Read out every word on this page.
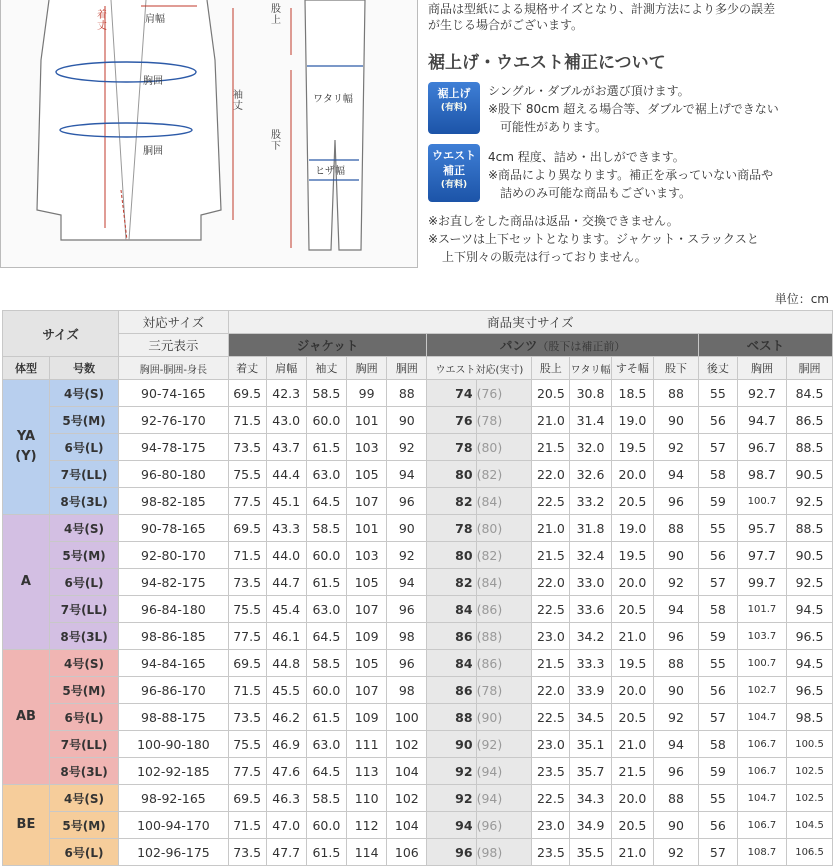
着丈
肩幅
袖丈
胸囲
胴囲
股上
ワタリ幅
股下
ヒザ幅
商品は型紙による規格サイズとなり、計測方法により多少の誤差
が生じる場合がございます。
裾上げ・ウエスト補正について
裾上げ
(有料)
シングル・ダブルがお選び頂けます。
※股下 80cm 超える場合等、ダブルで裾上げできない
可能性があります。
ウエスト補正
(有料)
4cm 程度、詰め・出しができます。
※商品により異なります。補正を承っていない商品や
詰めのみ可能な商品もございます。
※お直しをした商品は返品・交換できません。
※スーツは上下セットとなります。ジャケット・スラックスと
上下別々の販売は行っておりません。
単位：cm
サイズ		対応サイズ	商品実寸サイズ													
		三元表示	ジャケット					パンツ（股下は補正前）						ベスト		
体型	号数	胸囲-胴囲-身長	着丈	肩幅	袖丈	胸囲	胴囲	ウエスト対応(実寸)		股上	ワタリ幅	すそ幅	股下	後丈	胸囲	胴囲
YA
(Y)	4号(S)	90-74-165	69.5	42.3	58.5	99	88	74	(76)	20.5	30.8	18.5	88	55	92.7	84.5
	5号(M)	92-76-170	71.5	43.0	60.0	101	90	76	(78)	21.0	31.4	19.0	90	56	94.7	86.5
	6号(L)	94-78-175	73.5	43.7	61.5	103	92	78	(80)	21.5	32.0	19.5	92	57	96.7	88.5
	7号(LL)	96-80-180	75.5	44.4	63.0	105	94	80	(82)	22.0	32.6	20.0	94	58	98.7	90.5
	8号(3L)	98-82-185	77.5	45.1	64.5	107	96	82	(84)	22.5	33.2	20.5	96	59	100.7	92.5
A	4号(S)	90-78-165	69.5	43.3	58.5	101	90	78	(80)	21.0	31.8	19.0	88	55	95.7	88.5
	5号(M)	92-80-170	71.5	44.0	60.0	103	92	80	(82)	21.5	32.4	19.5	90	56	97.7	90.5
	6号(L)	94-82-175	73.5	44.7	61.5	105	94	82	(84)	22.0	33.0	20.0	92	57	99.7	92.5
	7号(LL)	96-84-180	75.5	45.4	63.0	107	96	84	(86)	22.5	33.6	20.5	94	58	101.7	94.5
	8号(3L)	98-86-185	77.5	46.1	64.5	109	98	86	(88)	23.0	34.2	21.0	96	59	103.7	96.5
AB	4号(S)	94-84-165	69.5	44.8	58.5	105	96	84	(86)	21.5	33.3	19.5	88	55	100.7	94.5
	5号(M)	96-86-170	71.5	45.5	60.0	107	98	86	(78)	22.0	33.9	20.0	90	56	102.7	96.5
	6号(L)	98-88-175	73.5	46.2	61.5	109	100	88	(90)	22.5	34.5	20.5	92	57	104.7	98.5
	7号(LL)	100-90-180	75.5	46.9	63.0	111	102	90	(92)	23.0	35.1	21.0	94	58	106.7	100.5
	8号(3L)	102-92-185	77.5	47.6	64.5	113	104	92	(94)	23.5	35.7	21.5	96	59	106.7	102.5
BE	4号(S)	98-92-165	69.5	46.3	58.5	110	102	92	(94)	22.5	34.3	20.0	88	55	104.7	102.5
	5号(M)	100-94-170	71.5	47.0	60.0	112	104	94	(96)	23.0	34.9	20.5	90	56	106.7	104.5
	6号(L)	102-96-175	73.5	47.7	61.5	114	106	96	(98)	23.5	35.5	21.0	92	57	108.7	106.5
